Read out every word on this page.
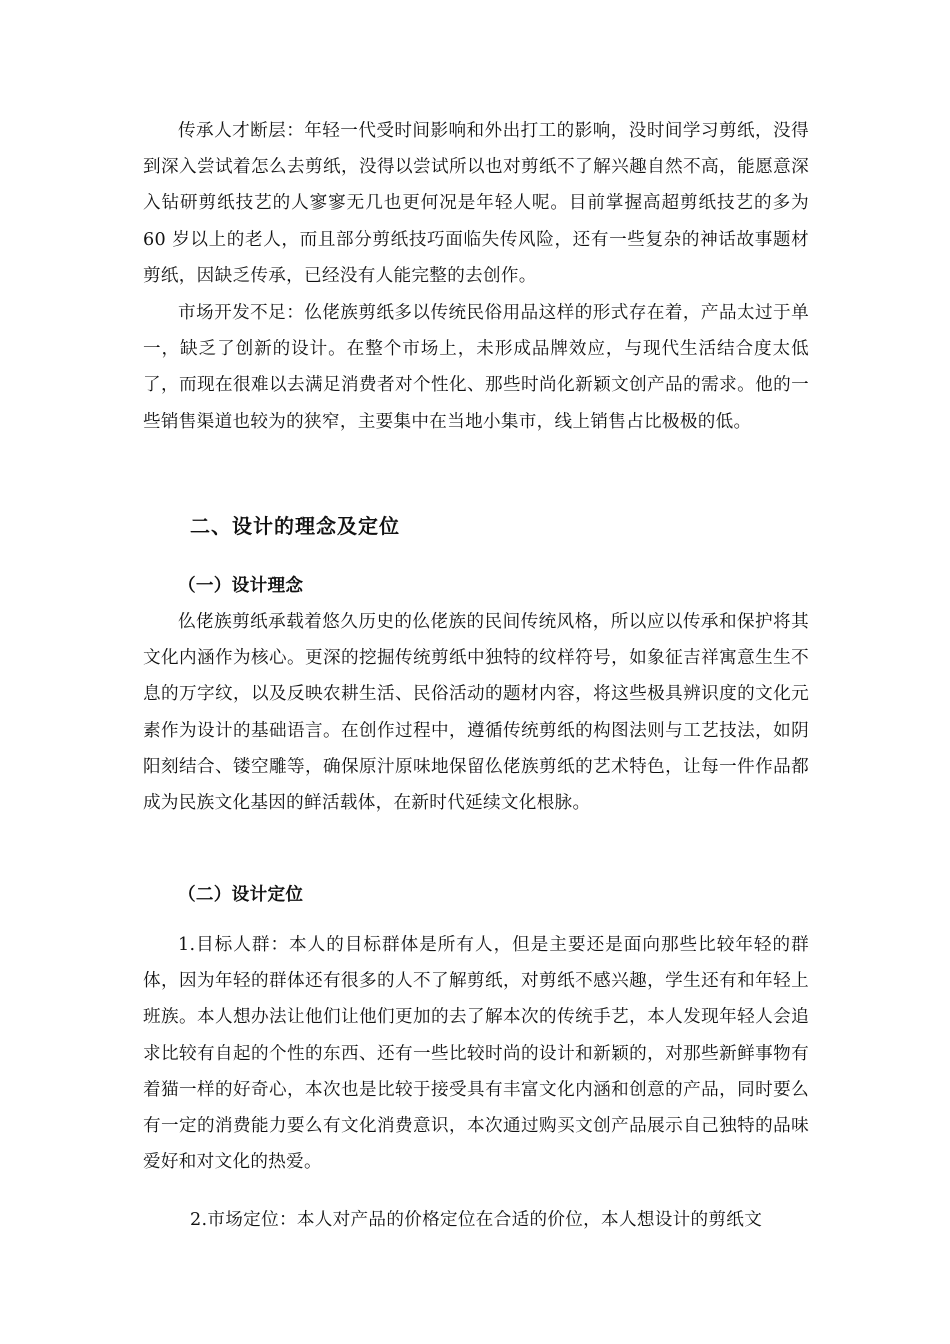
传承人才断层：年轻一代受时间影响和外出打工的影响，没时间学习剪纸，没得到深入尝试着怎么去剪纸，没得以尝试所以也对剪纸不了解兴趣自然不高，能愿意深入钻研剪纸技艺的人寥寥无几也更何况是年轻人呢。目前掌握高超剪纸技艺的多为 60 岁以上的老人，而且部分剪纸技巧面临失传风险，还有一些复杂的神话故事题材剪纸，因缺乏传承，已经没有人能完整的去创作。

市场开发不足：仫佬族剪纸多以传统民俗用品这样的形式存在着，产品太过于单一，缺乏了创新的设计。在整个市场上，未形成品牌效应，与现代生活结合度太低了，而现在很难以去满足消费者对个性化、那些时尚化新颖文创产品的需求。他的一些销售渠道也较为的狭窄，主要集中在当地小集市，线上销售占比极极的低。

二、设计的理念及定位
（一）设计理念

仫佬族剪纸承载着悠久历史的仫佬族的民间传统风格，所以应以传承和保护将其文化内涵作为核心。更深的挖掘传统剪纸中独特的纹样符号，如象征吉祥寓意生生不息的万字纹，以及反映农耕生活、民俗活动的题材内容，将这些极具辨识度的文化元素作为设计的基础语言。在创作过程中，遵循传统剪纸的构图法则与工艺技法，如阴阳刻结合、镂空雕等，确保原汁原味地保留仫佬族剪纸的艺术特色，让每一件作品都成为民族文化基因的鲜活载体，在新时代延续文化根脉。

（二）设计定位

1.目标人群：本人的目标群体是所有人，但是主要还是面向那些比较年轻的群体，因为年轻的群体还有很多的人不了解剪纸，对剪纸不感兴趣，学生还有和年轻上班族。本人想办法让他们让他们更加的去了解本次的传统手艺，本人发现年轻人会追求比较有自起的个性的东西、还有一些比较时尚的设计和新颖的，对那些新鲜事物有着猫一样的好奇心，本次也是比较于接受具有丰富文化内涵和创意的产品，同时要么有一定的消费能力要么有文化消费意识，本次通过购买文创产品展示自己独特的品味爱好和对文化的热爱。

2.市场定位：本人对产品的价格定位在合适的价位，本人想设计的剪纸文
